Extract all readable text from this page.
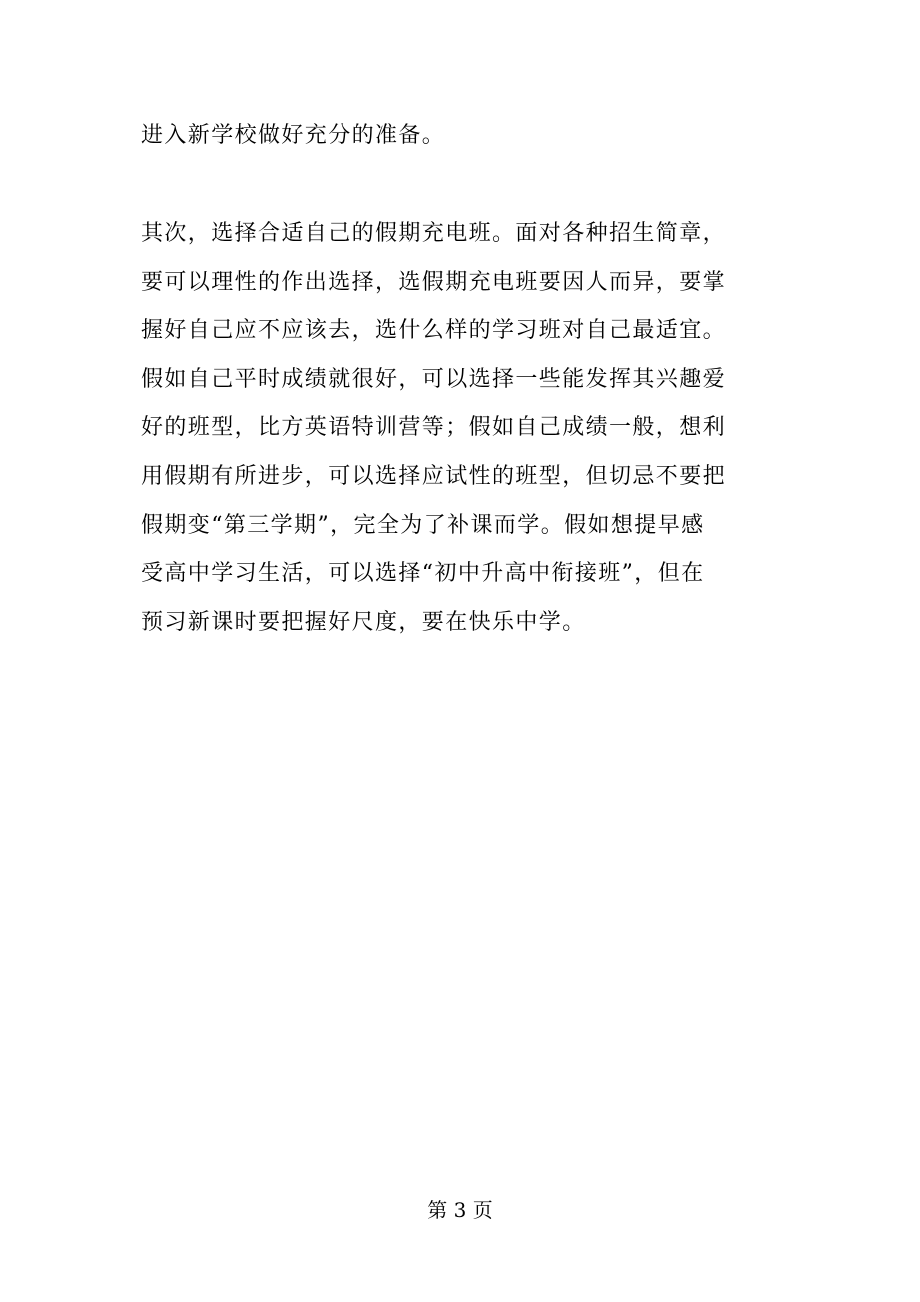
进入新学校做好充分的准备。
其次，选择合适自己的假期充电班。面对各种招生简章，
要可以理性的作出选择，选假期充电班要因人而异，要掌
握好自己应不应该去，选什么样的学习班对自己最适宜。
假如自己平时成绩就很好，可以选择一些能发挥其兴趣爱
好的班型，比方英语特训营等；假如自己成绩一般，想利
用假期有所进步，可以选择应试性的班型，但切忌不要把
假期变“第三学期”，完全为了补课而学。假如想提早感
受高中学习生活，可以选择“初中升高中衔接班”，但在
预习新课时要把握好尺度，要在快乐中学。
第 3 页
